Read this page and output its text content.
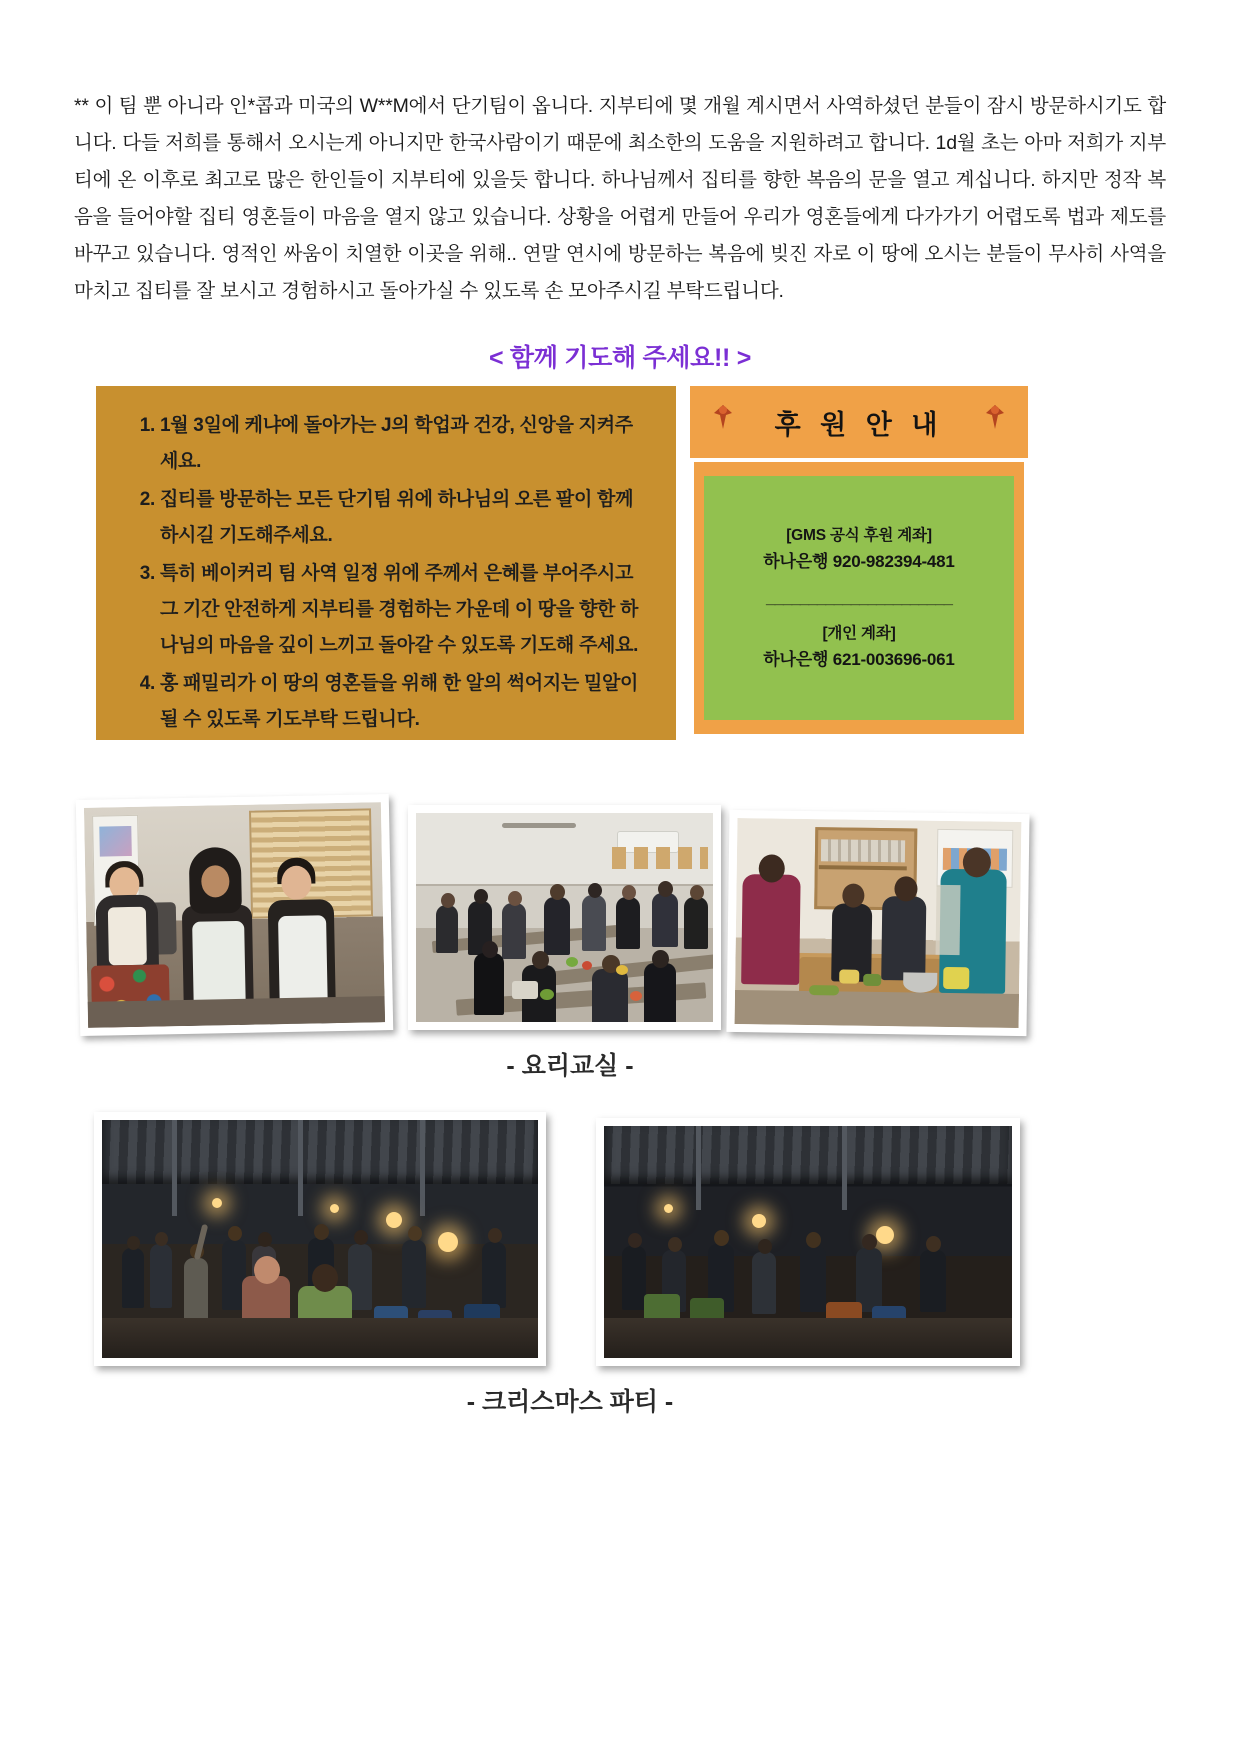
** 이 팀 뿐 아니라 인*콥과 미국의 W**M에서 단기팀이 옵니다. 지부티에 몇 개월 계시면서 사역하셨던 분들이 잠시 방문하시기도 합니다. 다들 저희를 통해서 오시는게 아니지만 한국사람이기 때문에 최소한의 도움을 지원하려고 합니다. 1d월 초는 아마 저희가 지부티에 온 이후로 최고로 많은 한인들이 지부티에 있을듯 합니다. 하나님께서 집티를 향한 복음의 문을 열고 계십니다. 하지만 정작 복음을 들어야할 집티 영혼들이 마음을 열지 않고 있습니다. 상황을 어렵게 만들어 우리가 영혼들에게 다가가기 어렵도록 법과 제도를 바꾸고 있습니다. 영적인 싸움이 치열한 이곳을 위해.. 연말 연시에 방문하는 복음에 빚진 자로 이 땅에 오시는 분들이 무사히 사역을 마치고 집티를 잘 보시고 경험하시고 돌아가실 수 있도록 손 모아주시길 부탁드립니다.
< 함께 기도해 주세요!! >
1. 1월 3일에 케냐에 돌아가는 J의 학업과 건강, 신앙을 지켜주세요.
2. 집티를 방문하는 모든 단기팀 위에 하나님의 오른 팔이 함께 하시길 기도해주세요.
3. 특히 베이커리 팀 사역 일정 위에 주께서 은혜를 부어주시고 그 기간 안전하게 지부티를 경험하는 가운데 이 땅을 향한 하나님의 마음을 깊이 느끼고 돌아갈 수 있도록 기도해 주세요.
4. 홍 패밀리가 이 땅의 영혼들을 위해 한 알의 썩어지는 밀알이 될 수 있도록 기도부탁 드립니다.
후 원 안 내
[GMS 공식 후원 계좌]
하나은행 920-982394-481
______________________
[개인 계좌]
하나은행 621-003696-061
- 요리교실 -
- 크리스마스 파티 -
